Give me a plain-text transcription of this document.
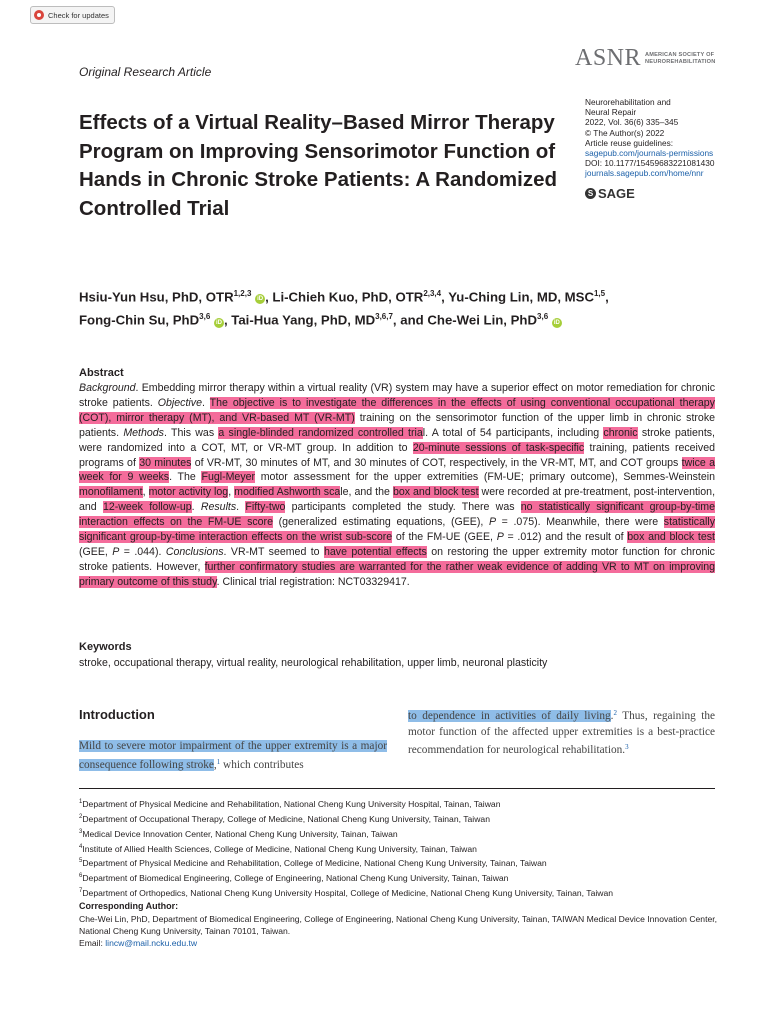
Check for updates
Original Research Article
ASNR AMERICAN SOCIETY OF
NEUROREHABILITATION
Effects of a Virtual Reality–Based Mirror Therapy Program on Improving Sensorimotor Function of Hands in Chronic Stroke Patients: A Randomized Controlled Trial
Neurorehabilitation and
Neural Repair
2022, Vol. 36(6) 335–345
© The Author(s) 2022
Article reuse guidelines:
sagepub.com/journals-permissions
DOI: 10.1177/15459683221081430
journals.sagepub.com/home/nnr
S SAGE
Hsiu-Yun Hsu, PhD, OTR$^{1,2,3}$ iD , Li-Chieh Kuo, PhD, OTR$^{2,3,4}$, Yu-Ching Lin, MD, MSC$^{1,5}$,
Fong-Chin Su, PhD$^{3,6}$ iD , Tai-Hua Yang, PhD, MD$^{3,6,7}$, and Che-Wei Lin, PhD$^{3,6}$ iD
Abstract
Background. Embedding mirror therapy within a virtual reality (VR) system may have a superior effect on motor remediation for chronic stroke patients. Objective. The objective is to investigate the differences in the effects of using conventional occupational therapy (COT), mirror therapy (MT), and VR-based MT (VR-MT) training on the sensorimotor function of the upper limb in chronic stroke patients. Methods. This was a single-blinded randomized controlled trial. A total of 54 participants, including chronic stroke patients, were randomized into a COT, MT, or VR-MT group. In addition to 20-minute sessions of task-specific training, patients received programs of 30 minutes of VR-MT, 30 minutes of MT, and 30 minutes of COT, respectively, in the VR-MT, MT, and COT groups twice a week for 9 weeks. The Fugl-Meyer motor assessment for the upper extremities (FM-UE; primary outcome), Semmes-Weinstein monofilament, motor activity log, modified Ashworth scale, and the box and block test were recorded at pre-treatment, post-intervention, and 12-week follow-up. Results. Fifty-two participants completed the study. There was no statistically significant group-by-time interaction effects on the FM-UE score (generalized estimating equations, (GEE), P = .075). Meanwhile, there were statistically significant group-by-time interaction effects on the wrist sub-score of the FM-UE (GEE, P = .012) and the result of box and block test (GEE, P = .044). Conclusions. VR-MT seemed to have potential effects on restoring the upper extremity motor function for chronic stroke patients. However, further confirmatory studies are warranted for the rather weak evidence of adding VR to MT on improving primary outcome of this study. Clinical trial registration: NCT03329417.
Keywords
stroke, occupational therapy, virtual reality, neurological rehabilitation, upper limb, neuronal plasticity
Introduction
Mild to severe motor impairment of the upper extremity is a major consequence following stroke,$^1$ which contributes
to dependence in activities of daily living.$^2$ Thus, regaining the motor function of the affected upper extremities is a best-practice recommendation for neurological rehabilitation.$^3$
$^1$Department of Physical Medicine and Rehabilitation, National Cheng Kung University Hospital, Tainan, Taiwan
$^2$Department of Occupational Therapy, College of Medicine, National Cheng Kung University, Tainan, Taiwan
$^3$Medical Device Innovation Center, National Cheng Kung University, Tainan, Taiwan
$^4$Institute of Allied Health Sciences, College of Medicine, National Cheng Kung University, Tainan, Taiwan
$^5$Department of Physical Medicine and Rehabilitation, College of Medicine, National Cheng Kung University, Tainan, Taiwan
$^6$Department of Biomedical Engineering, College of Engineering, National Cheng Kung University, Tainan, Taiwan
$^7$Department of Orthopedics, National Cheng Kung University Hospital, College of Medicine, National Cheng Kung University, Tainan, Taiwan
Corresponding Author:
Che-Wei Lin, PhD, Department of Biomedical Engineering, College of Engineering, National Cheng Kung University, Tainan, TAIWAN Medical Device Innovation Center, National Cheng Kung University, Tainan 70101, Taiwan.
Email: lincw@mail.ncku.edu.tw
